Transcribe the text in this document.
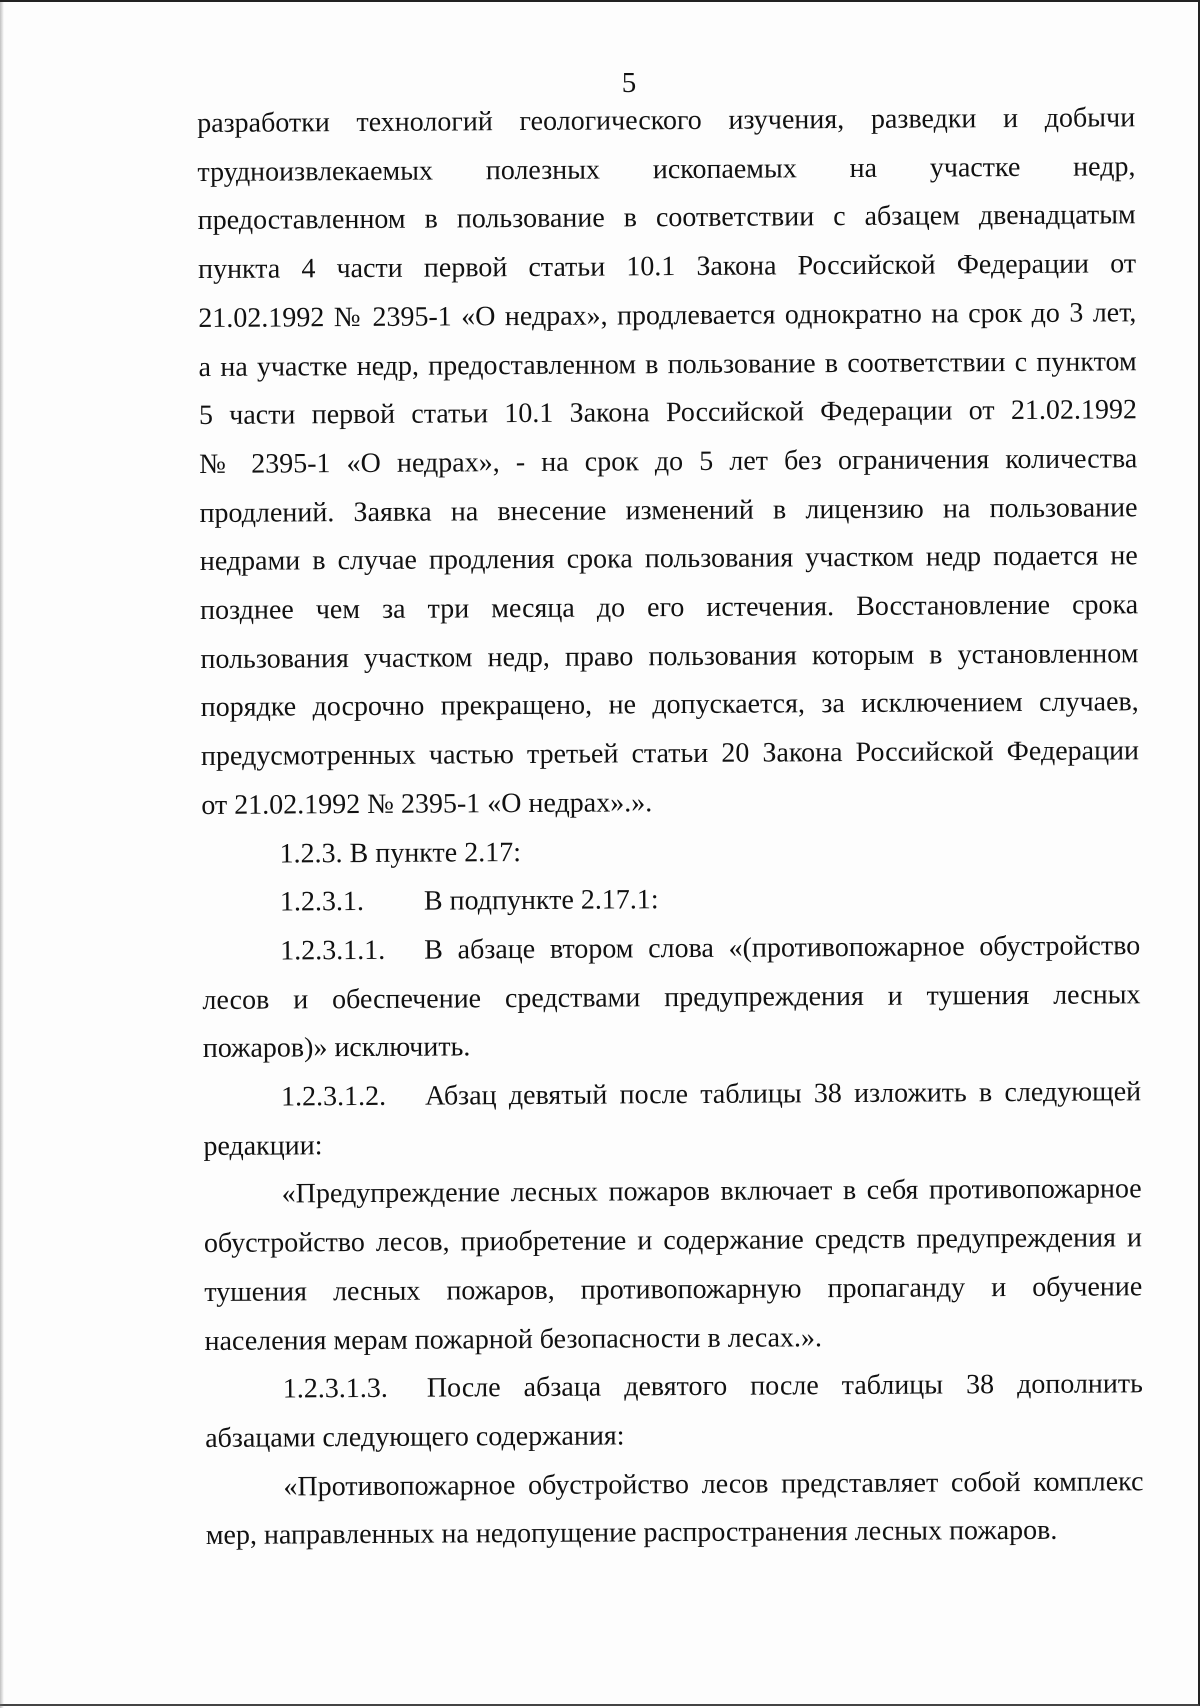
5

разработки технологий геологического изучения, разведки и добычи

трудноизвлекаемых полезных ископаемых на участке недр,

предоставленном в пользование в соответствии с абзацем двенадцатым

пункта 4 части первой статьи 10.1 Закона Российской Федерации от

21.02.1992 № 2395-1 «О недрах», продлевается однократно на срок до 3 лет,

а на участке недр, предоставленном в пользование в соответствии с пунктом

5 части первой статьи 10.1 Закона Российской Федерации от 21.02.1992

№ 2395-1 «О недрах», - на срок до 5 лет без ограничения количества

продлений. Заявка на внесение изменений в лицензию на пользование

недрами в случае продления срока пользования участком недр подается не

позднее чем за три месяца до его истечения. Восстановление срока

пользования участком недр, право пользования которым в установленном

порядке досрочно прекращено, не допускается, за исключением случаев,

предусмотренных частью третьей статьи 20 Закона Российской Федерации

от 21.02.1992 № 2395-1 «О недрах».».

1.2.3. В пункте 2.17:

1.2.3.1.	В подпункте 2.17.1:
1.2.3.1.1.	В абзаце втором слова «(противопожарное обустройство

лесов и обеспечение средствами предупреждения и тушения лесных

пожаров)» исключить.

1.2.3.1.2.	Абзац девятый после таблицы 38 изложить в следующей

редакции:

«Предупреждение лесных пожаров включает в себя противопожарное

обустройство лесов, приобретение и содержание средств предупреждения и

тушения лесных пожаров, противопожарную пропаганду и обучение

населения мерам пожарной безопасности в лесах.».

1.2.3.1.3.	После абзаца девятого после таблицы 38 дополнить

абзацами следующего содержания:

«Противопожарное обустройство лесов представляет собой комплекс

мер, направленных на недопущение распространения лесных пожаров.
